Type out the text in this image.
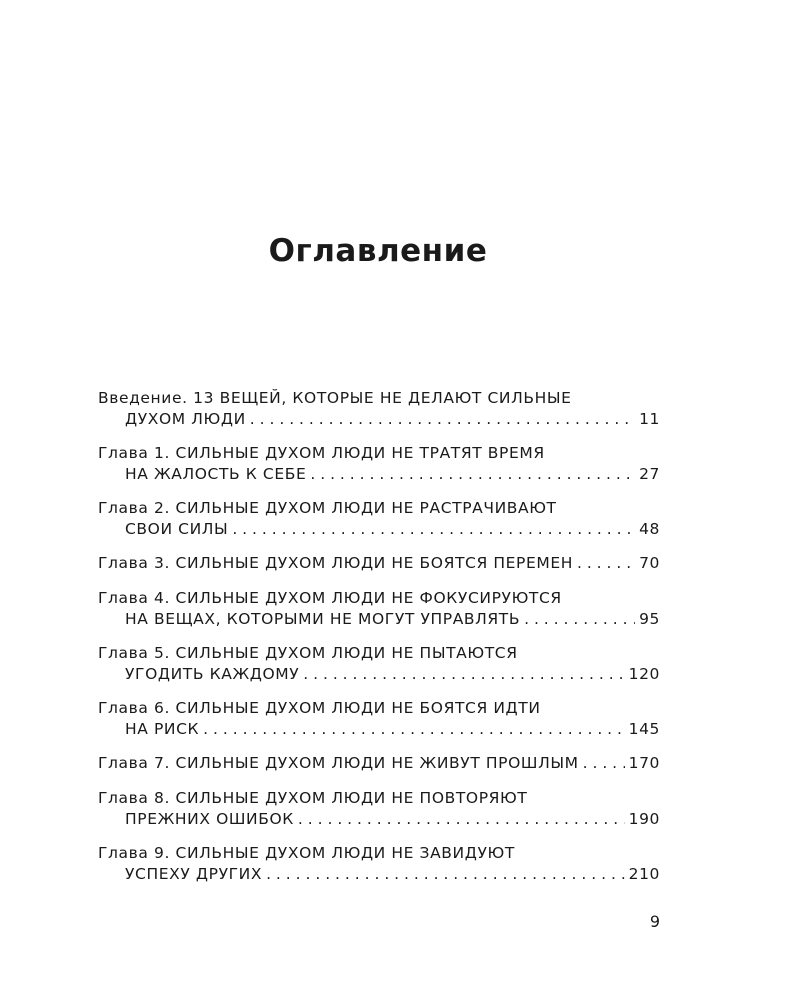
Оглавление
Введение. 13 ВЕЩЕЙ, КОТОРЫЕ НЕ ДЕЛАЮТ СИЛЬНЫЕ
ДУХОМ ЛЮДИ . . .	11
Глава 1. СИЛЬНЫЕ ДУХОМ ЛЮДИ НЕ ТРАТЯТ ВРЕМЯ
НА ЖАЛОСТЬ К СЕБЕ . . .	27
Глава 2. СИЛЬНЫЕ ДУХОМ ЛЮДИ НЕ РАСТРАЧИВАЮТ
СВОИ СИЛЫ . . .	48
Глава 3. СИЛЬНЫЕ ДУХОМ ЛЮДИ НЕ БОЯТСЯ ПЕРЕМЕН . . .	70
Глава 4. СИЛЬНЫЕ ДУХОМ ЛЮДИ НЕ ФОКУСИРУЮТСЯ
НА ВЕЩАХ, КОТОРЫМИ НЕ МОГУТ УПРАВЛЯТЬ . . .	95
Глава 5. СИЛЬНЫЕ ДУХОМ ЛЮДИ НЕ ПЫТАЮТСЯ
УГОДИТЬ КАЖДОМУ . . .	120
Глава 6. СИЛЬНЫЕ ДУХОМ ЛЮДИ НЕ БОЯТСЯ ИДТИ
НА РИСК . . .	145
Глава 7. СИЛЬНЫЕ ДУХОМ ЛЮДИ НЕ ЖИВУТ ПРОШЛЫМ . . .	170
Глава 8. СИЛЬНЫЕ ДУХОМ ЛЮДИ НЕ ПОВТОРЯЮТ
ПРЕЖНИХ ОШИБОК . . .	190
Глава 9. СИЛЬНЫЕ ДУХОМ ЛЮДИ НЕ ЗАВИДУЮТ
УСПЕХУ ДРУГИХ . . .	210
9
